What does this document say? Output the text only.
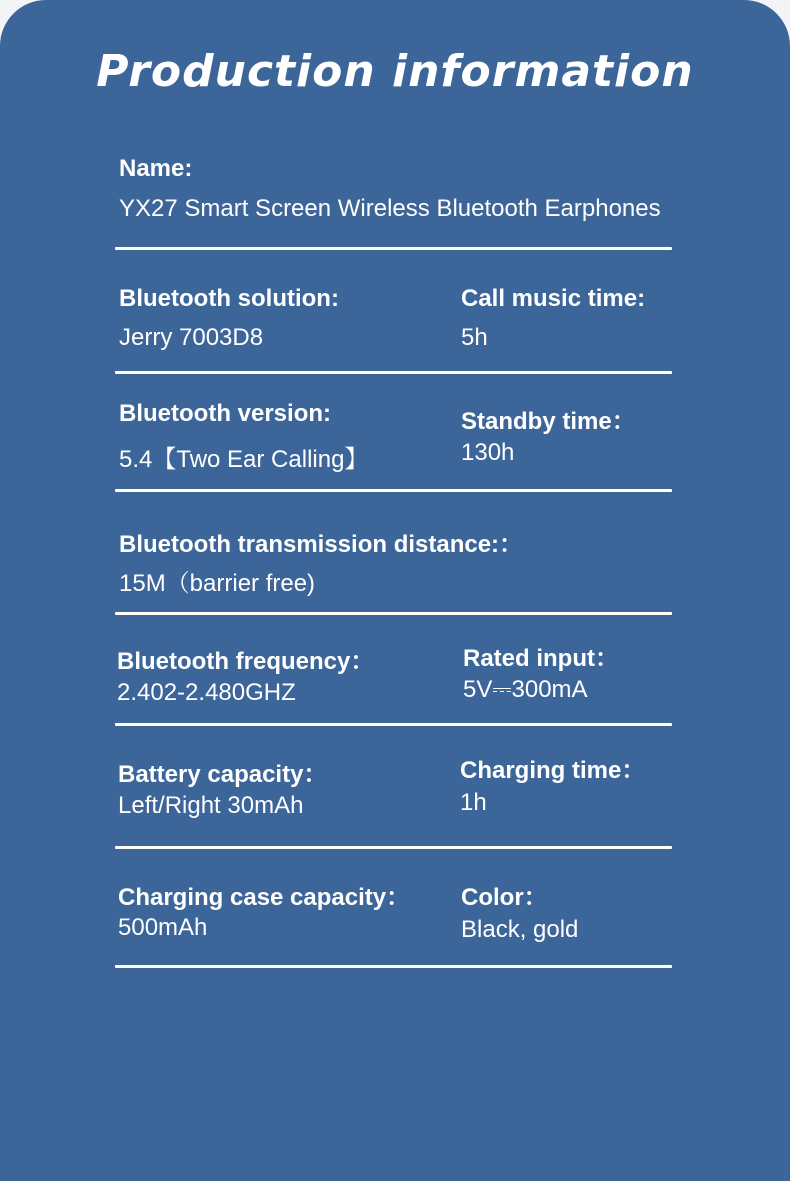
Production information
Name:
YX27 Smart Screen Wireless Bluetooth Earphones
Bluetooth solution:
Jerry 7003D8
Call music time:
5h
Bluetooth version:
5.4【Two Ear Calling】
Standby time：
130h
Bluetooth transmission distance:：
15M（barrier free)
Bluetooth frequency：
2.402-2.480GHZ
Rated input：
5V⎓300mA
Battery capacity：
Left/Right 30mAh
Charging time：
1h
Charging case capacity：
500mAh
Color：
Black, gold
